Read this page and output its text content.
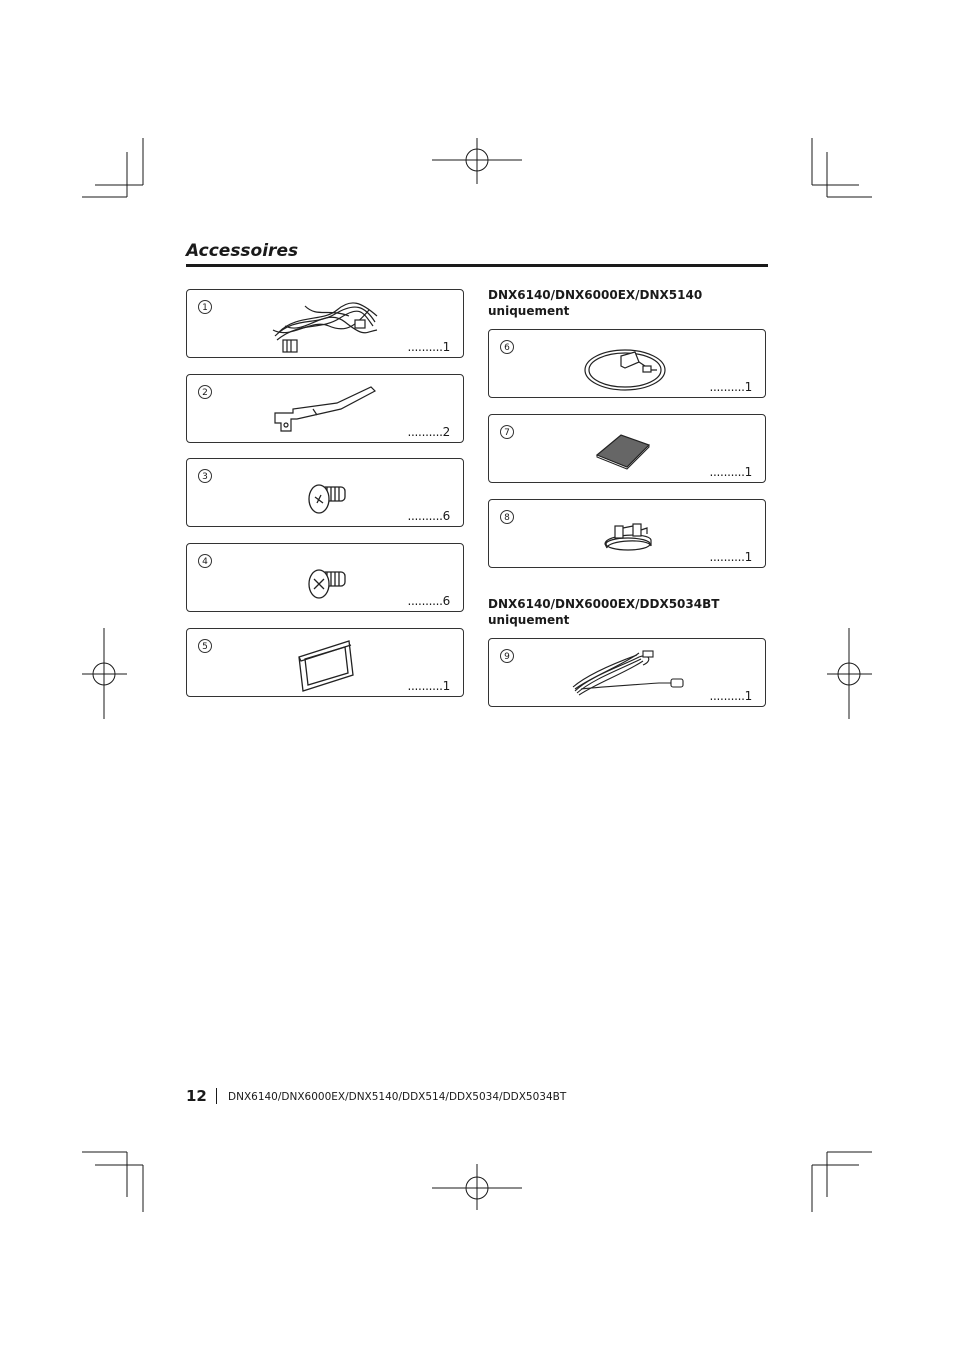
Accessoires
1
..........1
2
..........2
3
..........6
4
..........6
5
..........1
DNX6140/DNX6000EX/DNX5140
uniquement
6
..........1
7
..........1
8
..........1
DNX6140/DNX6000EX/DDX5034BT
uniquement
9
..........1
12 DNX6140/DNX6000EX/DNX5140/DDX514/DDX5034/DDX5034BT
